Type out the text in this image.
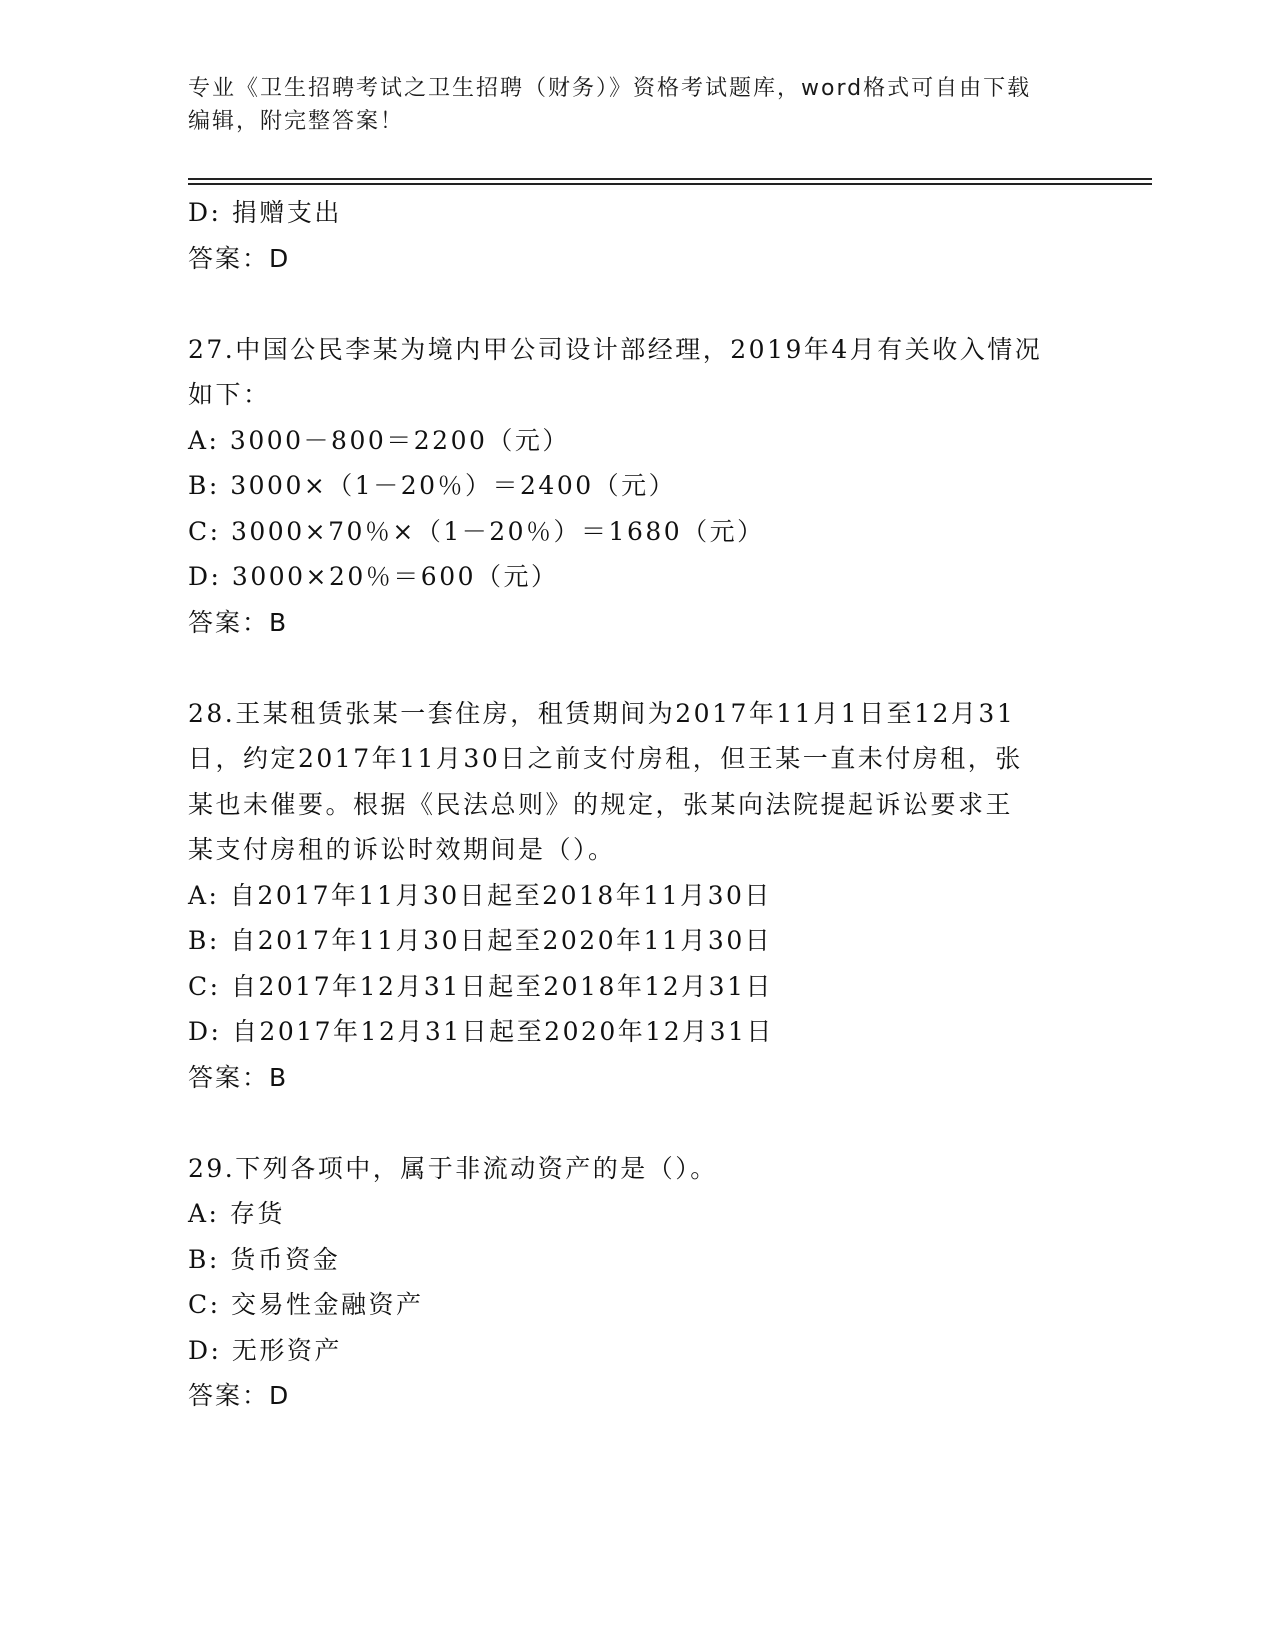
专业《卫生招聘考试之卫生招聘（财务）》资格考试题库，word格式可自由下载
编辑，附完整答案！
D: 捐赠支出
答案：D
27.中国公民李某为境内甲公司设计部经理，2019年4月有关收入情况
如下：
A: 3000－800＝2200（元）
B: 3000×（1－20％）＝2400（元）
C: 3000×70％×（1－20％）＝1680（元）
D: 3000×20％＝600（元）
答案：B
28.王某租赁张某一套住房，租赁期间为2017年11月1日至12月31
日，约定2017年11月30日之前支付房租，但王某一直未付房租，张
某也未催要。根据《民法总则》的规定，张某向法院提起诉讼要求王
某支付房租的诉讼时效期间是（）。
A: 自2017年11月30日起至2018年11月30日
B: 自2017年11月30日起至2020年11月30日
C: 自2017年12月31日起至2018年12月31日
D: 自2017年12月31日起至2020年12月31日
答案：B
29.下列各项中，属于非流动资产的是（）。
A: 存货
B: 货币资金
C: 交易性金融资产
D: 无形资产
答案：D
